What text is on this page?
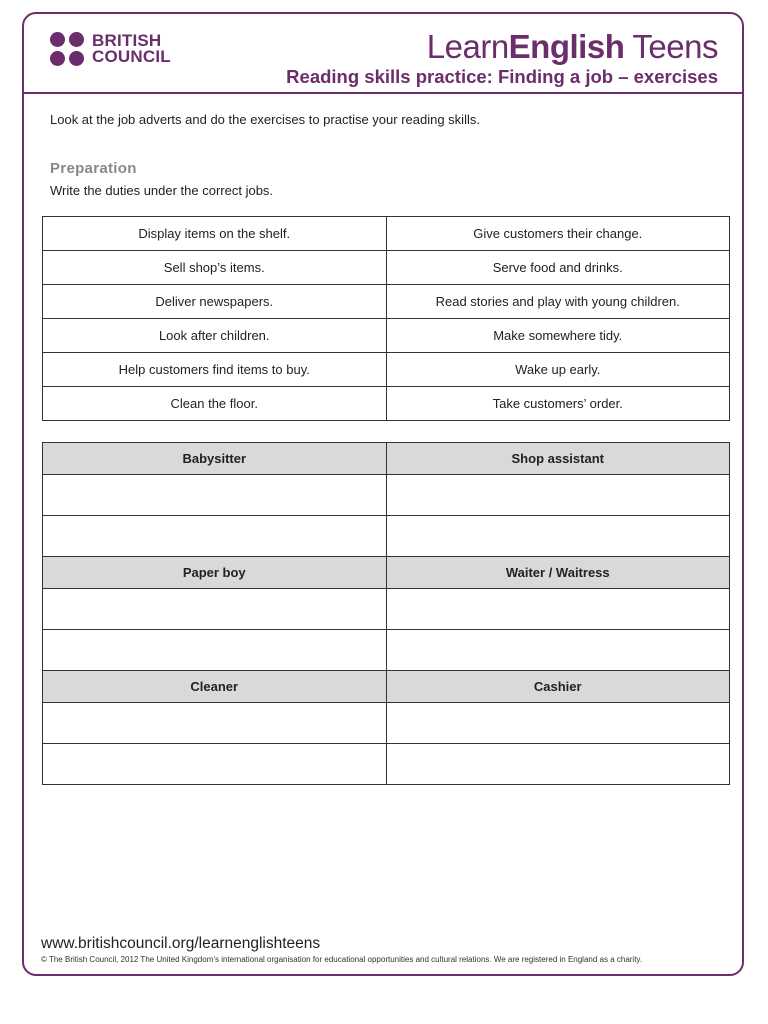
BRITISH
COUNCIL	LearnEnglish Teens
Reading skills practice: Finding a job – exercises
Look at the job adverts and do the exercises to practise your reading skills.
Preparation
Write the duties under the correct jobs.
Display items on the shelf.	Give customers their change.
Sell shop’s items.	Serve food and drinks.
Deliver newspapers.	Read stories and play with young children.
Look after children.	Make somewhere tidy.
Help customers find items to buy.	Wake up early.
Clean the floor.	Take customers’ order.
Babysitter	Shop assistant

Paper boy	Waiter / Waitress

Cleaner	Cashier

www.britishcouncil.org/learnenglishteens
© The British Council, 2012 The United Kingdom’s international organisation for educational opportunities and cultural relations. We are registered in England as a charity.
